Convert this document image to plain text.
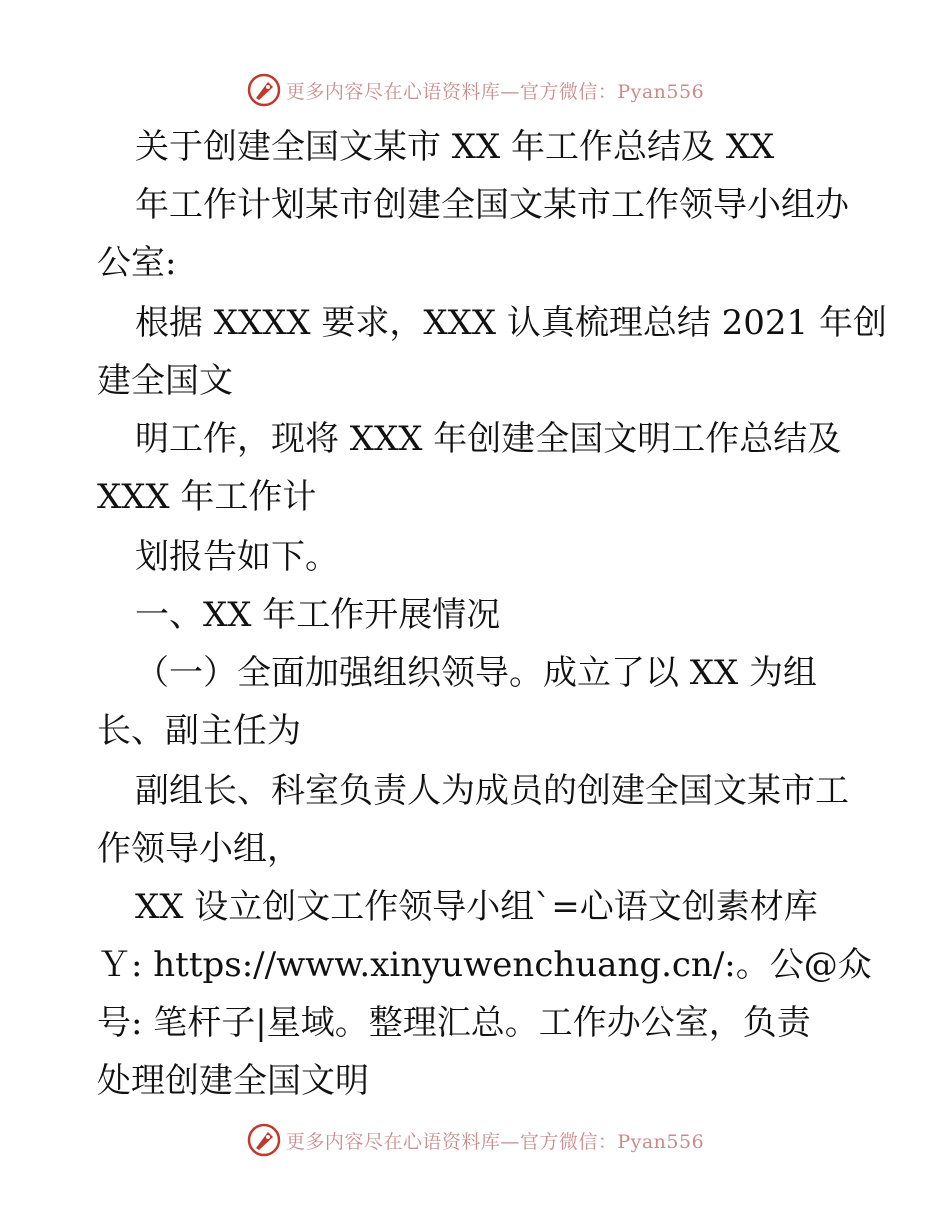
更多内容尽在心语资料库—官方微信：Pyan556
关于创建全国文某市 XX 年工作总结及 XX
年工作计划某市创建全国文某市工作领导小组办
公室:
根据 XXXX 要求，XXX 认真梳理总结 2021 年创
建全国文
明工作，现将 XXX 年创建全国文明工作总结及
XXX 年工作计
划报告如下。
一、XX 年工作开展情况
（一）全面加强组织领导。成立了以 XX 为组
长、副主任为
副组长、科室负责人为成员的创建全国文某市工
作领导小组，
XX 设立创文工作领导小组`=心语文创素材库
Ｙ: https://www.xinyuwenchuang.cn/:。公@众
号: 笔杆子|星域。整理汇总。工作办公室，负责
处理创建全国文明
更多内容尽在心语资料库—官方微信：Pyan556
